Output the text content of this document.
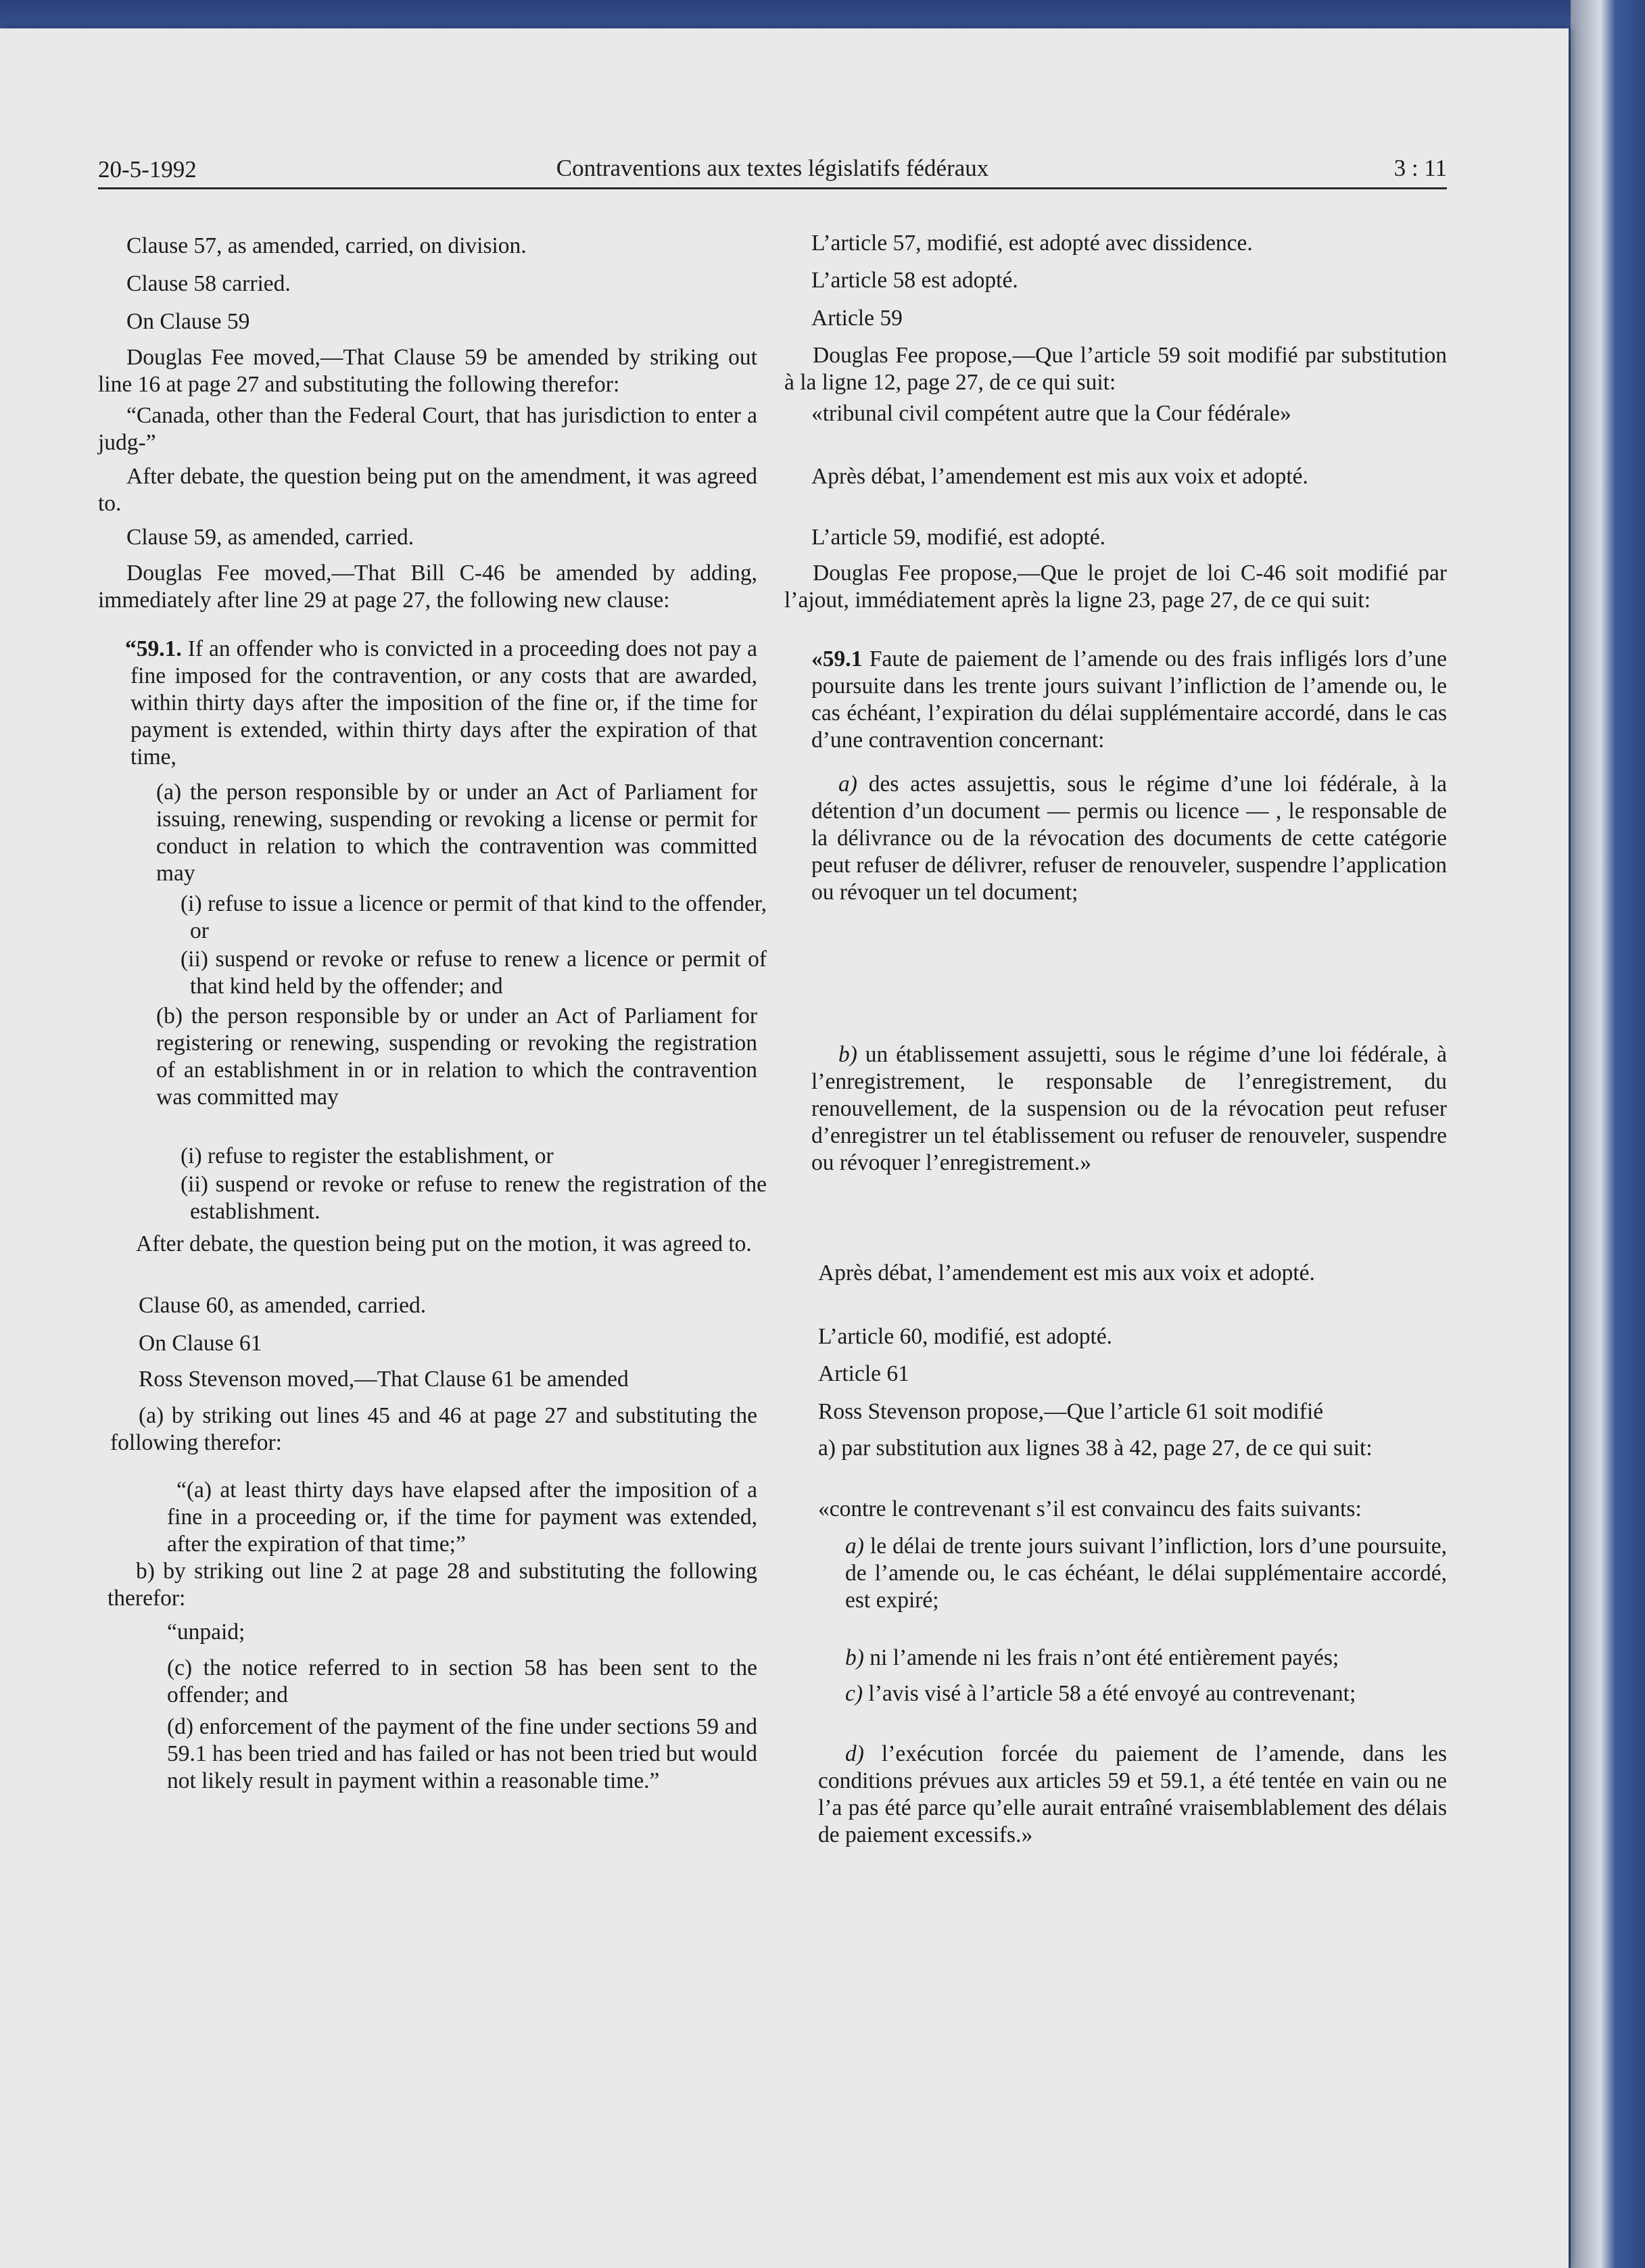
20-5-1992	Contraventions aux textes législatifs fédéraux	3 : 11

Clause 57, as amended, carried, on division.

Clause 58 carried.

On Clause 59

Douglas Fee moved,—That Clause 59 be amended by striking out line 16 at page 27 and substituting the following therefor:

“Canada, other than the Federal Court, that has jurisdiction to enter a judg-”

After debate, the question being put on the amendment, it was agreed to.

Clause 59, as amended, carried.

Douglas Fee moved,—That Bill C-46 be amended by adding, immediately after line 29 at page 27, the following new clause:

“59.1. If an offender who is convicted in a proceeding does not pay a fine imposed for the contravention, or any costs that are awarded, within thirty days after the imposition of the fine or, if the time for payment is extended, within thirty days after the expiration of that time,

(a) the person responsible by or under an Act of Parliament for issuing, renewing, suspending or revoking a license or permit for conduct in relation to which the contravention was committed may

(i) refuse to issue a licence or permit of that kind to the offender, or

(ii) suspend or revoke or refuse to renew a licence or permit of that kind held by the offender; and

(b) the person responsible by or under an Act of Parliament for registering or renewing, suspending or revoking the registration of an establishment in or in relation to which the contravention was committed may

(i) refuse to register the establishment, or

(ii) suspend or revoke or refuse to renew the registration of the establishment.

After debate, the question being put on the motion, it was agreed to.

Clause 60, as amended, carried.

On Clause 61

Ross Stevenson moved,—That Clause 61 be amended

(a) by striking out lines 45 and 46 at page 27 and substituting the following therefor:

“(a) at least thirty days have elapsed after the imposition of a fine in a proceeding or, if the time for payment was extended, after the expiration of that time;”

b) by striking out line 2 at page 28 and substituting the following therefor:

“unpaid;

(c) the notice referred to in section 58 has been sent to the offender; and

(d) enforcement of the payment of the fine under sections 59 and 59.1 has been tried and has failed or has not been tried but would not likely result in payment within a reasonable time.”

L’article 57, modifié, est adopté avec dissidence.

L’article 58 est adopté.

Article 59

Douglas Fee propose,—Que l’article 59 soit modifié par substitution à la ligne 12, page 27, de ce qui suit:

«tribunal civil compétent autre que la Cour fédérale»

Après débat, l’amendement est mis aux voix et adopté.

L’article 59, modifié, est adopté.

Douglas Fee propose,—Que le projet de loi C-46 soit modifié par l’ajout, immédiatement après la ligne 23, page 27, de ce qui suit:

«59.1 Faute de paiement de l’amende ou des frais infligés lors d’une poursuite dans les trente jours suivant l’infliction de l’amende ou, le cas échéant, l’expiration du délai supplémentaire accordé, dans le cas d’une contravention concernant:

a) des actes assujettis, sous le régime d’une loi fédérale, à la détention d’un document — permis ou licence — , le responsable de la délivrance ou de la révocation des documents de cette catégorie peut refuser de délivrer, refuser de renouveler, suspendre l’application ou révoquer un tel document;

b) un établissement assujetti, sous le régime d’une loi fédérale, à l’enregistrement, le responsable de l’enregistrement, du renouvellement, de la suspension ou de la révocation peut refuser d’enregistrer un tel établissement ou refuser de renouveler, suspendre ou révoquer l’enregistrement.»

Après débat, l’amendement est mis aux voix et adopté.

L’article 60, modifié, est adopté.

Article 61

Ross Stevenson propose,—Que l’article 61 soit modifié

a) par substitution aux lignes 38 à 42, page 27, de ce qui suit:

«contre le contrevenant s’il est convaincu des faits suivants:

a) le délai de trente jours suivant l’infliction, lors d’une poursuite, de l’amende ou, le cas échéant, le délai supplémentaire accordé, est expiré;

b) ni l’amende ni les frais n’ont été entièrement payés;

c) l’avis visé à l’article 58 a été envoyé au contrevenant;

d) l’exécution forcée du paiement de l’amende, dans les conditions prévues aux articles 59 et 59.1, a été tentée en vain ou ne l’a pas été parce qu’elle aurait entraîné vraisemblablement des délais de paiement excessifs.»
